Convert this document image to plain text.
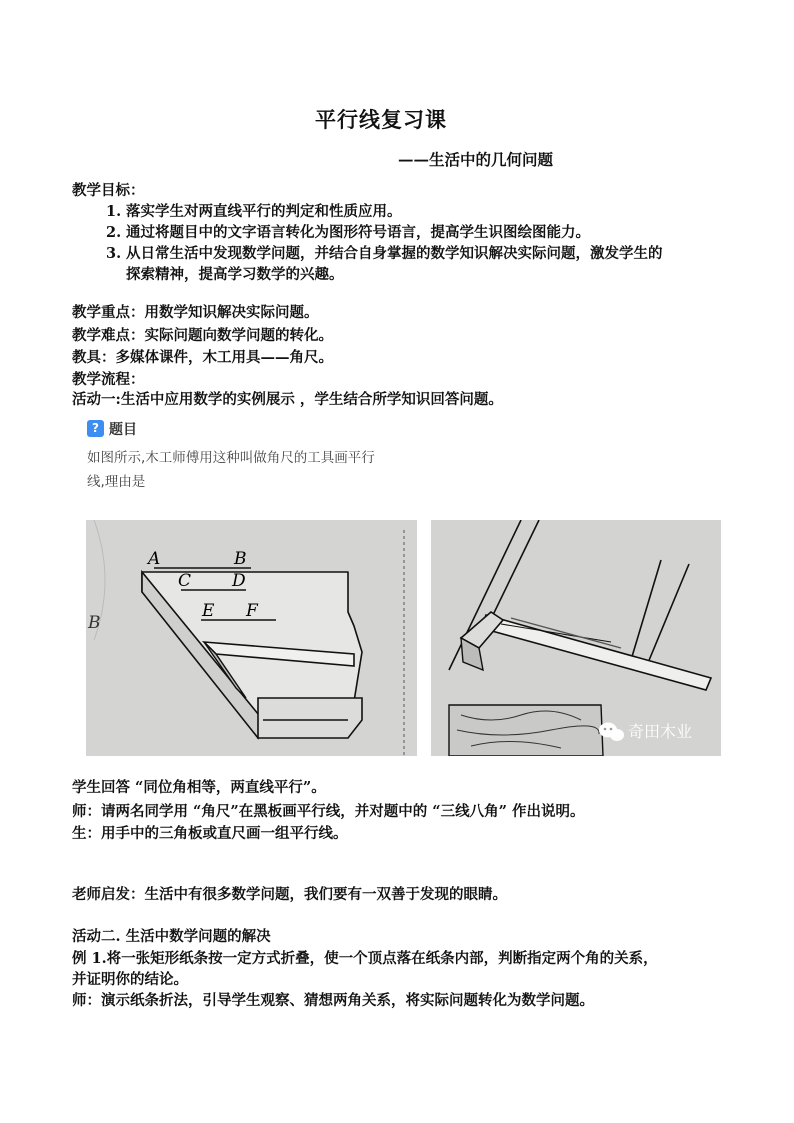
平行线复习课
——生活中的几何问题
教学目标：
1. 落实学生对两直线平行的判定和性质应用。
2. 通过将题目中的文字语言转化为图形符号语言，提高学生识图绘图能力。
3. 从日常生活中发现数学问题，并结合自身掌握的数学知识解决实际问题，激发学生的
探索精神，提高学习数学的兴趣。
教学重点：用数学知识解决实际问题。
教学难点：实际问题向数学问题的转化。
教具：多媒体课件，木工用具——角尺。
教学流程：
活动一:生活中应用数学的实例展示 ，学生结合所学知识回答问题。
? 题目
如图所示,木工师傅用这种叫做角尺的工具画平行
线,理由是
A	B
C D
E F
B
奇田木业
学生回答 “同位角相等，两直线平行”。
师：请两名同学用 “角尺”在黑板画平行线，并对题中的 “三线八角” 作出说明。
生：用手中的三角板或直尺画一组平行线。
老师启发：生活中有很多数学问题，我们要有一双善于发现的眼睛。
活动二. 生活中数学问题的解决
例 1.将一张矩形纸条按一定方式折叠，使一个顶点落在纸条内部，判断指定两个角的关系，
并证明你的结论。
师：演示纸条折法，引导学生观察、猜想两角关系，将实际问题转化为数学问题。
